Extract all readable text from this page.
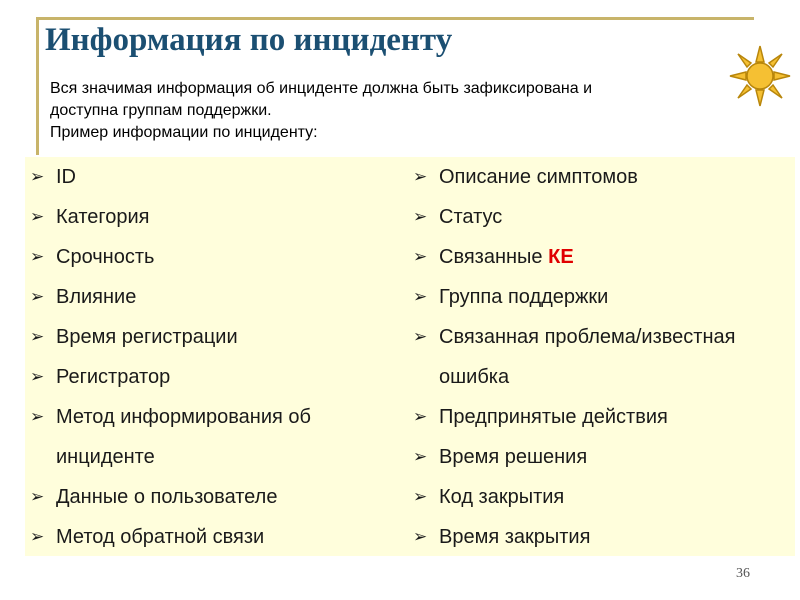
Информация по инциденту
Вся значимая информация об инциденте должна быть зафиксирована и
доступна группам поддержки.
Пример информации по инциденту:
➢ ID
➢ Категория
➢ Срочность
➢ Влияние
➢ Время регистрации
➢ Регистратор
➢ Метод информирования об инциденте
➢ Данные о пользователе
➢ Метод обратной связи
➢ Описание симптомов
➢ Статус
➢ Связанные КЕ
➢ Группа поддержки
➢ Связанная проблема/известная ошибка
➢ Предпринятые действия
➢ Время решения
➢ Код закрытия
➢ Время закрытия
36
